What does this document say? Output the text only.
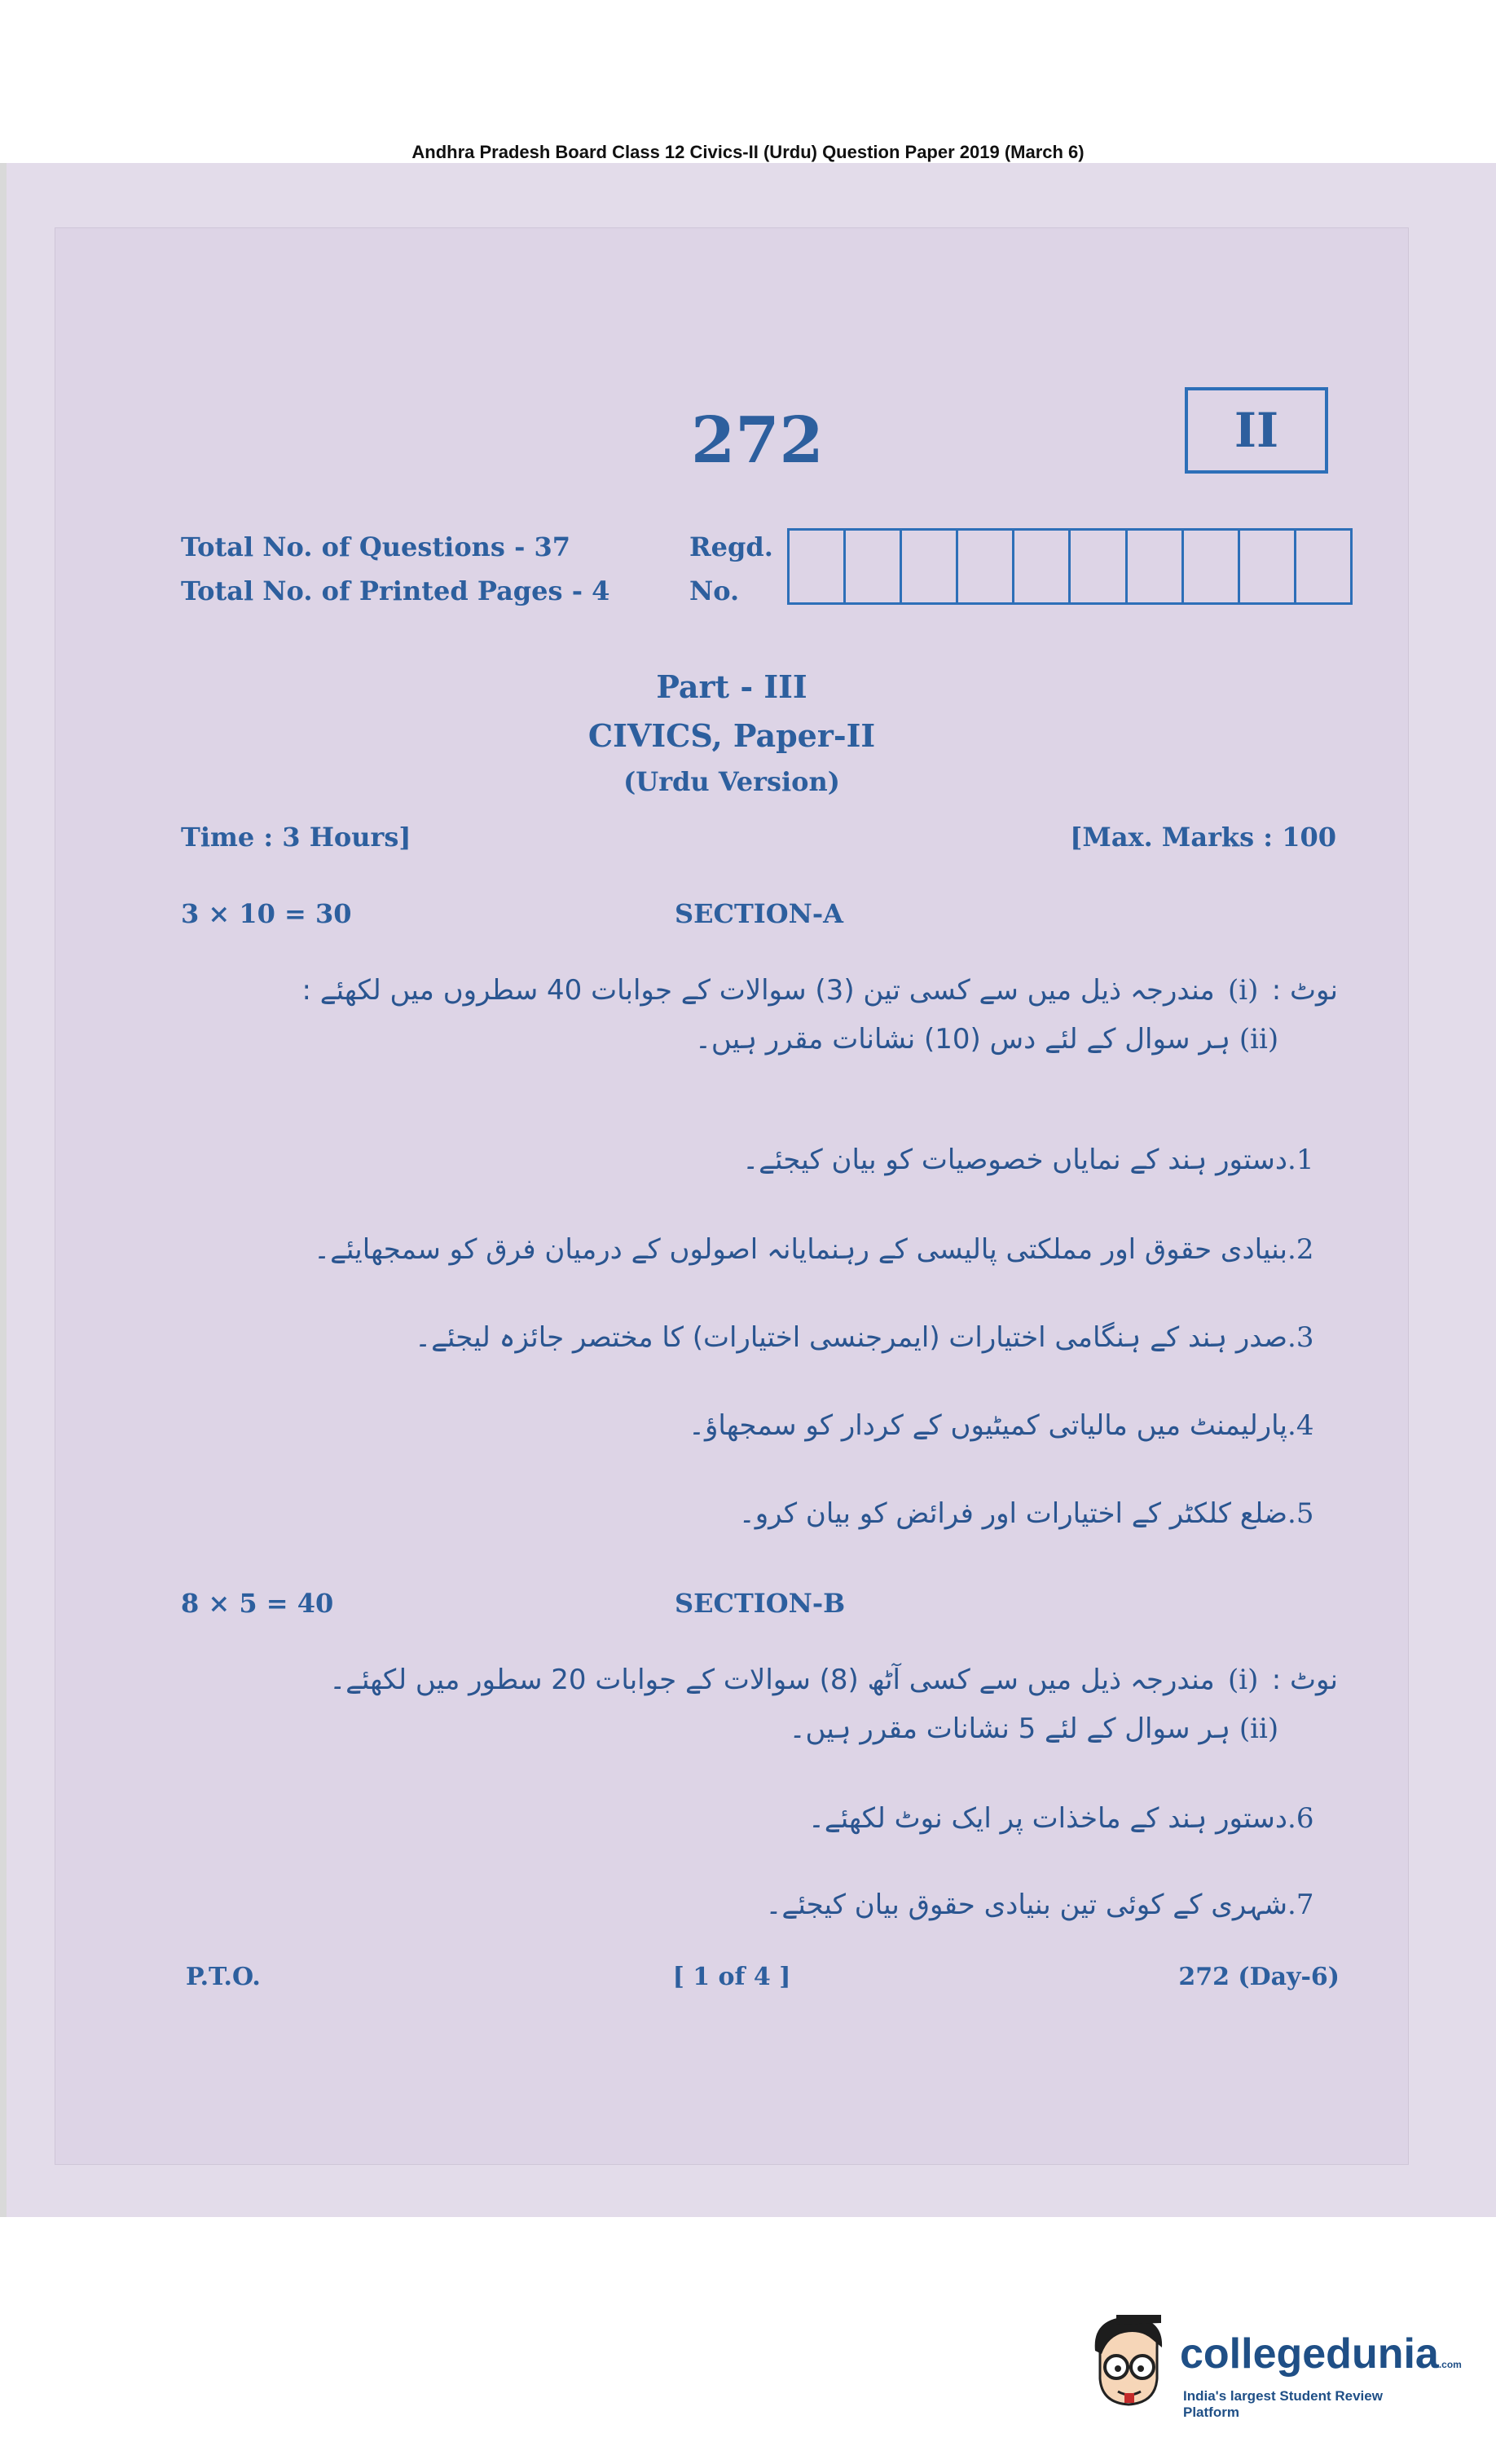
Andhra Pradesh Board Class 12 Civics-II (Urdu) Question Paper 2019 (March 6)
272	II
Total No. of Questions - 37
Total No. of Printed Pages - 4
Regd.
No.
Part - III
CIVICS, Paper-II
(Urdu Version)
Time : 3 Hours]	[Max. Marks : 100
3 × 10 = 30	SECTION-A
نوٹ :(i)مندرجہ ذیل میں سے کسی تین (3) سوالات کے جوابات 40 سطروں میں لکھئے :
(ii)ہر سوال کے لئے دس (10) نشانات مقرر ہیں۔
1.دستور ہند کے نمایاں خصوصیات کو بیان کیجئے۔
2.بنیادی حقوق اور مملکتی پالیسی کے رہنمایانہ اصولوں کے درمیان فرق کو سمجھایئے۔
3.صدر ہند کے ہنگامی اختیارات (ایمرجنسی اختیارات) کا مختصر جائزہ لیجئے۔
4.پارلیمنٹ میں مالیاتی کمیٹیوں کے کردار کو سمجھاؤ۔
5.ضلع کلکٹر کے اختیارات اور فرائض کو بیان کرو۔
8 × 5 = 40	SECTION-B
نوٹ :(i)مندرجہ ذیل میں سے کسی آٹھ (8) سوالات کے جوابات 20 سطور میں لکھئے۔
(ii)ہر سوال کے لئے 5 نشانات مقرر ہیں۔
6.دستور ہند کے ماخذات پر ایک نوٹ لکھئے۔
7.شہری کے کوئی تین بنیادی حقوق بیان کیجئے۔
P.T.O.	[ 1 of 4 ]	272 (Day-6)
collegedunia.com
India's largest Student Review Platform
